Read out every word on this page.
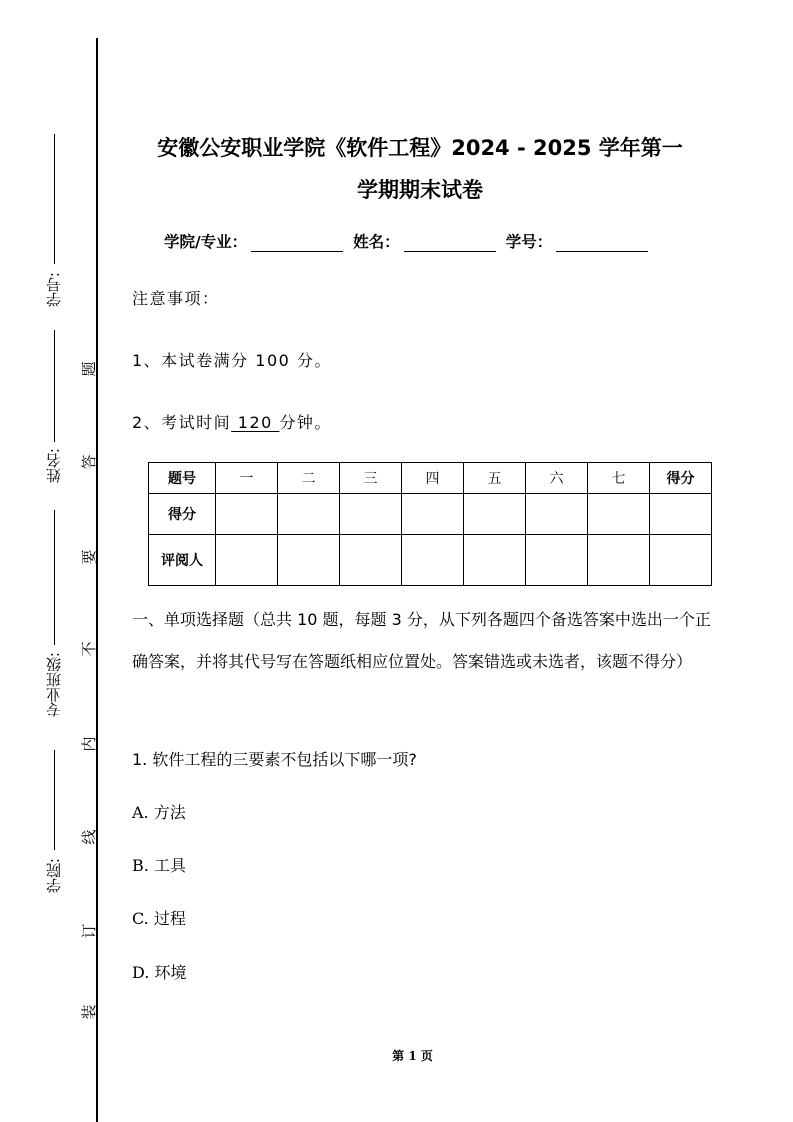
学号:
姓名:
专业班级:
学院:
题
答
要
不
内
线
订
装
安徽公安职业学院《软件工程》2024 - 2025 学年第一
学期期末试卷
学院/专业：	姓名：	学号：
注意事项：
1、本试卷满分 100 分。
2、考试时间 120 分钟。
题号	一	二	三	四	五	六	七	得分
得分								
评阅人								
一、单项选择题（总共 10 题，每题 3 分，从下列各题四个备选答案中选出一个正确答案，并将其代号写在答题纸相应位置处。答案错选或未选者，该题不得分）
1. 软件工程的三要素不包括以下哪一项?
A. 方法
B. 工具
C. 过程
D. 环境
第 1 页
